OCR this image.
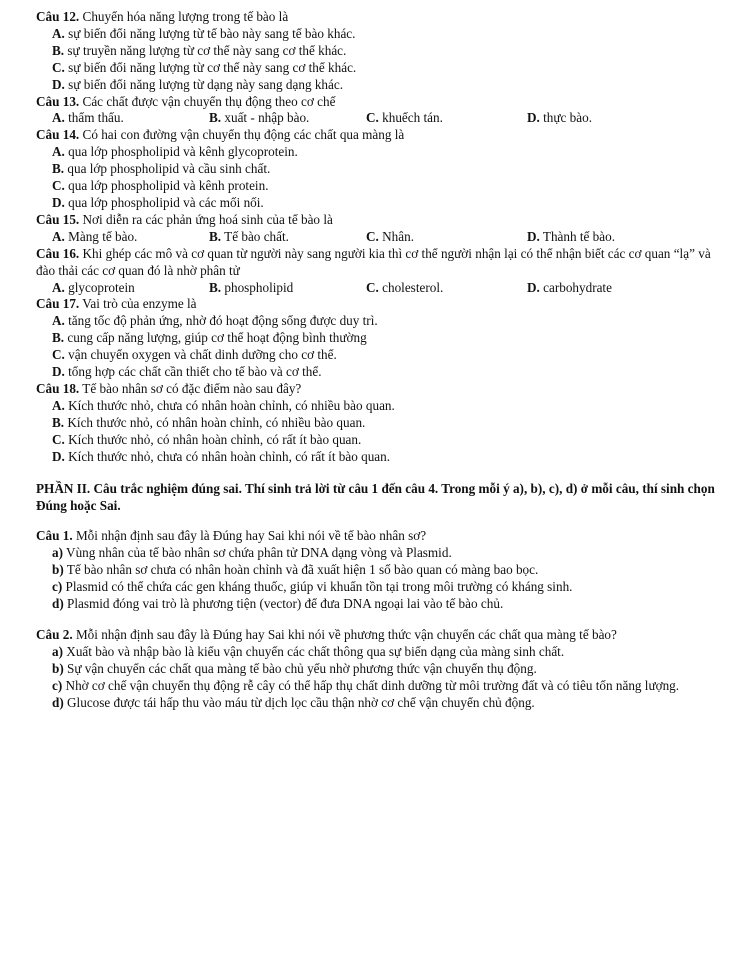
Câu 12. Chuyển hóa năng lượng trong tế bào là

A. sự biến đổi năng lượng từ tế bào này sang tế bào khác.

B. sự truyền năng lượng từ cơ thể này sang cơ thể khác.

C. sự biến đổi năng lượng từ cơ thể này sang cơ thể khác.

D. sự biến đổi năng lượng từ dạng này sang dạng khác.

Câu 13. Các chất được vận chuyển thụ động theo cơ chế

A. thẩm thấu.	B. xuất - nhập bào.	C. khuếch tán.	D. thực bào.

Câu 14. Có hai con đường vận chuyển thụ động các chất qua màng là

A. qua lớp phospholipid và kênh glycoprotein.

B. qua lớp phospholipid và cầu sinh chất.

C. qua lớp phospholipid và kênh protein.

D. qua lớp phospholipid và các mối nối.

Câu 15. Nơi diễn ra các phản ứng hoá sinh của tế bào là

A. Màng tế bào.	B. Tế bào chất.	C. Nhân.	D. Thành tế bào.

Câu 16. Khi ghép các mô và cơ quan từ người này sang người kia thì cơ thể người nhận lại có thể nhận biết các cơ quan “lạ” và đào thải các cơ quan đó là nhờ phân tử

A. glycoprotein	B. phospholipid	C. cholesterol.	D. carbohydrate

Câu 17. Vai trò của enzyme là

A. tăng tốc độ phản ứng, nhờ đó hoạt động sống được duy trì.

B. cung cấp năng lượng, giúp cơ thể hoạt động bình thường

C. vận chuyển oxygen và chất dinh dưỡng cho cơ thể.

D. tổng hợp các chất cần thiết cho tế bào và cơ thể.

Câu 18. Tế bào nhân sơ có đặc điểm nào sau đây?

A. Kích thước nhỏ, chưa có nhân hoàn chỉnh, có nhiều bào quan.

B. Kích thước nhỏ, có nhân hoàn chỉnh, có nhiều bào quan.

C. Kích thước nhỏ, có nhân hoàn chỉnh, có rất ít bào quan.

D. Kích thước nhỏ, chưa có nhân hoàn chỉnh, có rất ít bào quan.

PHẦN II. Câu trắc nghiệm đúng sai. Thí sinh trả lời từ câu 1 đến câu 4. Trong mỗi ý a), b), c), d) ở mỗi câu, thí sinh chọn Đúng hoặc Sai.

Câu 1. Mỗi nhận định sau đây là Đúng hay Sai khi nói về tế bào nhân sơ?

a) Vùng nhân của tế bào nhân sơ chứa phân tử DNA dạng vòng và Plasmid.

b) Tế bào nhân sơ chưa có nhân hoàn chỉnh và đã xuất hiện 1 số bào quan có màng bao bọc.

c) Plasmid có thể chứa các gen kháng thuốc, giúp vi khuẩn tồn tại trong môi trường có kháng sinh.

d) Plasmid đóng vai trò là phương tiện (vector) để đưa DNA ngoại lai vào tế bào chủ.

Câu 2. Mỗi nhận định sau đây là Đúng hay Sai khi nói về phương thức vận chuyển các chất qua màng tế bào?

a) Xuất bào và nhập bào là kiểu vận chuyển các chất thông qua sự biến dạng của màng sinh chất.

b) Sự vận chuyển các chất qua màng tế bào chủ yếu nhờ phương thức vận chuyển thụ động.

c) Nhờ cơ chế vận chuyển thụ động rễ cây có thể hấp thụ chất dinh dưỡng từ môi trường đất và có tiêu tốn năng lượng.

d) Glucose được tái hấp thu vào máu từ dịch lọc cầu thận nhờ cơ chế vận chuyển chủ động.
